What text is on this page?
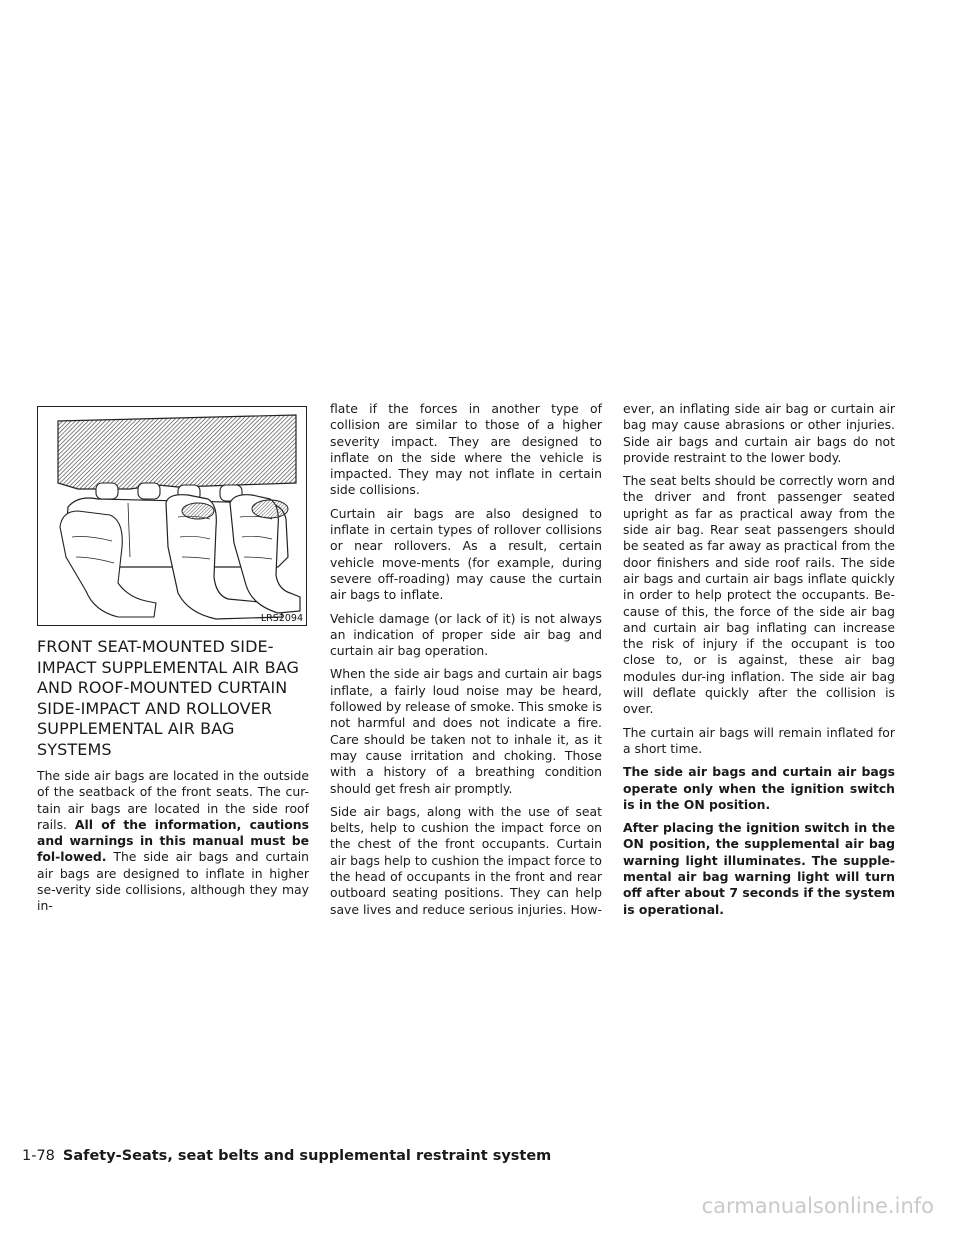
LRS2094
FRONT SEAT-MOUNTED SIDE-IMPACT SUPPLEMENTAL AIR BAG AND ROOF-MOUNTED CURTAIN SIDE-IMPACT AND ROLLOVER SUPPLEMENTAL AIR BAG SYSTEMS

The side air bags are located in the outside of the seatback of the front seats. The cur-tain air bags are located in the side roof rails. All of the information, cautions and warnings in this manual must be fol-lowed. The side air bags and curtain air bags are designed to inflate in higher se-verity side collisions, although they may in-

flate if the forces in another type of collision are similar to those of a higher severity impact. They are designed to inflate on the side where the vehicle is impacted. They may not inflate in certain side collisions.

Curtain air bags are also designed to inflate in certain types of rollover collisions or near rollovers. As a result, certain vehicle move-ments (for example, during severe off-roading) may cause the curtain air bags to inflate.

Vehicle damage (or lack of it) is not always an indication of proper side air bag and curtain air bag operation.

When the side air bags and curtain air bags inflate, a fairly loud noise may be heard, followed by release of smoke. This smoke is not harmful and does not indicate a fire. Care should be taken not to inhale it, as it may cause irritation and choking. Those with a history of a breathing condition should get fresh air promptly.

Side air bags, along with the use of seat belts, help to cushion the impact force on the chest of the front occupants. Curtain air bags help to cushion the impact force to the head of occupants in the front and rear outboard seating positions. They can help save lives and reduce serious injuries. How-

ever, an inflating side air bag or curtain air bag may cause abrasions or other injuries. Side air bags and curtain air bags do not provide restraint to the lower body.

The seat belts should be correctly worn and the driver and front passenger seated upright as far as practical away from the side air bag. Rear seat passengers should be seated as far away as practical from the door finishers and side roof rails. The side air bags and curtain air bags inflate quickly in order to help protect the occupants. Be-cause of this, the force of the side air bag and curtain air bag inflating can increase the risk of injury if the occupant is too close to, or is against, these air bag modules dur-ing inflation. The side air bag will deflate quickly after the collision is over.

The curtain air bags will remain inflated for a short time.

The side air bags and curtain air bags operate only when the ignition switch is in the ON position.

After placing the ignition switch in the ON position, the supplemental air bag warning light illuminates. The supple-mental air bag warning light will turn off after about 7 seconds if the system is operational.

1-78 Safety-Seats, seat belts and supplemental restraint system
carmanualsonline.info
